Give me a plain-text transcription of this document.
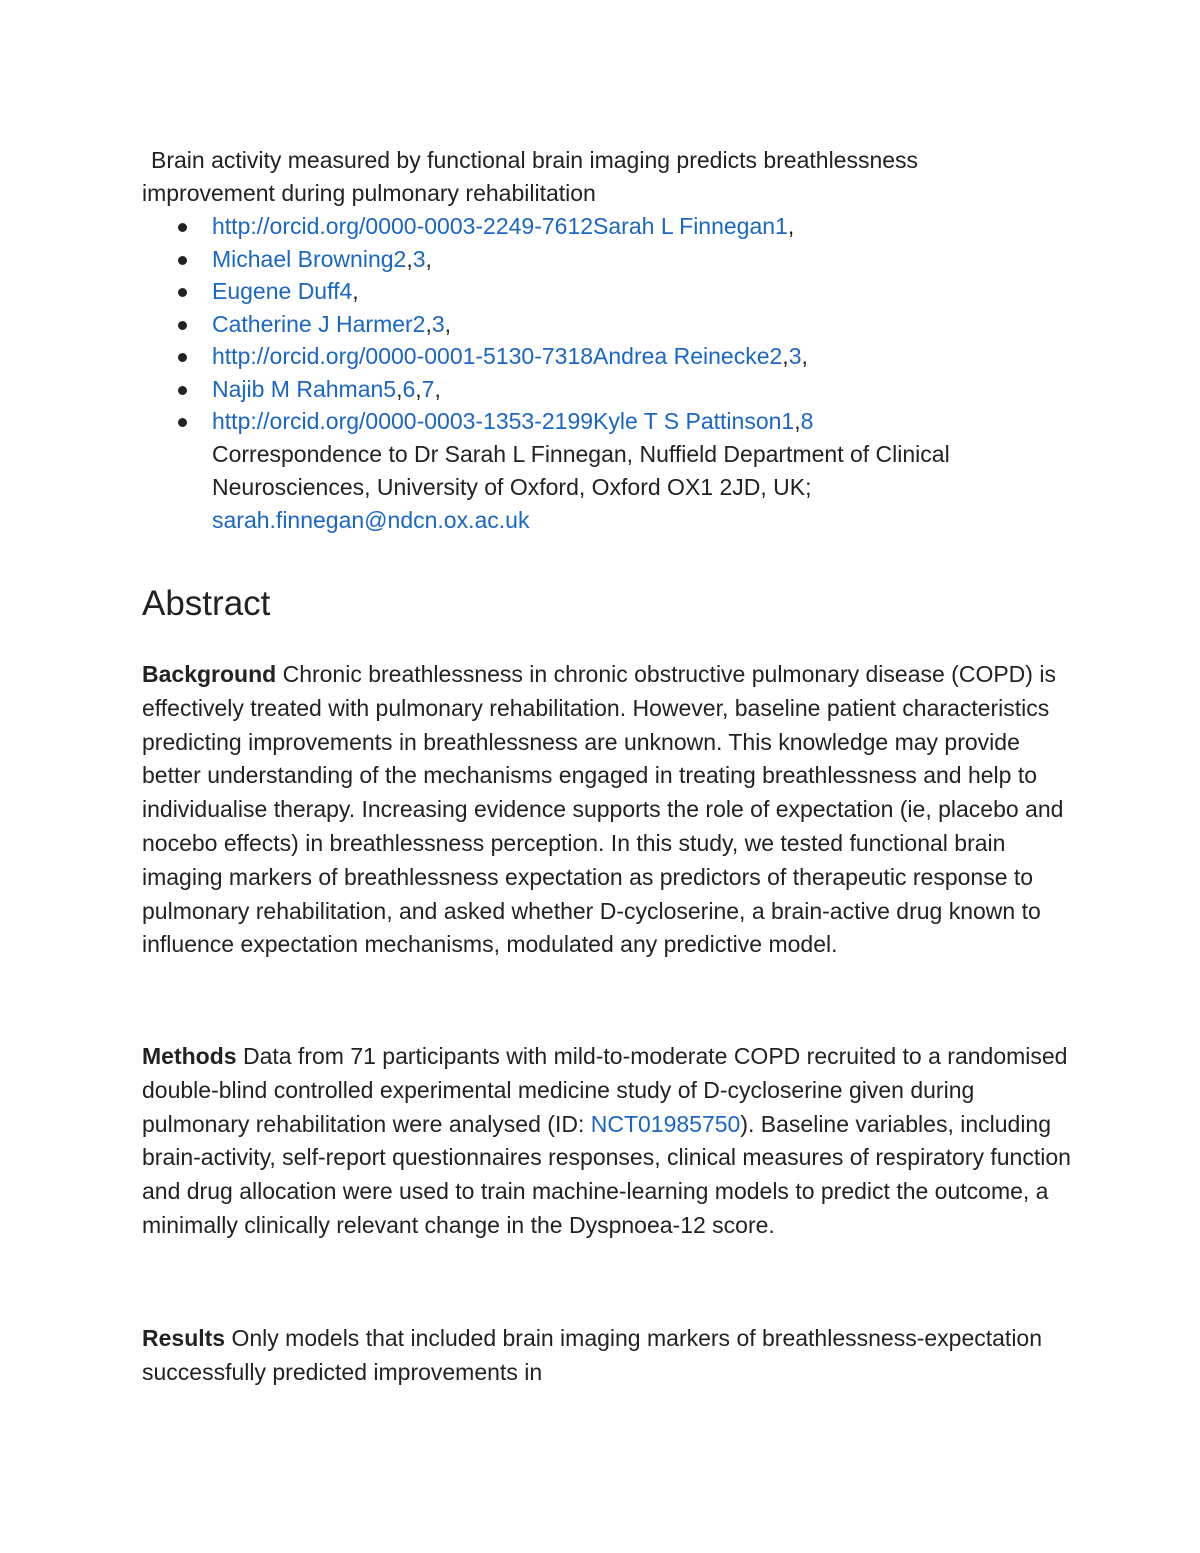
Brain activity measured by functional brain imaging predicts breathlessness
improvement during pulmonary rehabilitation

http://orcid.org/0000-0003-2249-7612Sarah L Finnegan1,
Michael Browning2,3,
Eugene Duff4,
Catherine J Harmer2,3,
http://orcid.org/0000-0001-5130-7318Andrea Reinecke2,3,
Najib M Rahman5,6,7,
http://orcid.org/0000-0003-1353-2199Kyle T S Pattinson1,8
Correspondence to Dr Sarah L Finnegan, Nuffield Department of Clinical
Neurosciences, University of Oxford, Oxford OX1 2JD, UK;
sarah.finnegan@ndcn.ox.ac.uk
Abstract

Background Chronic breathlessness in chronic obstructive pulmonary disease (COPD) is effectively treated with pulmonary rehabilitation. However, baseline patient characteristics predicting improvements in breathlessness are unknown. This knowledge may provide better understanding of the mechanisms engaged in treating breathlessness and help to individualise therapy. Increasing evidence supports the role of expectation (ie, placebo and nocebo effects) in breathlessness perception. In this study, we tested functional brain imaging markers of breathlessness expectation as predictors of therapeutic response to pulmonary rehabilitation, and asked whether D-cycloserine, a brain-active drug known to influence expectation mechanisms, modulated any predictive model.

Methods Data from 71 participants with mild-to-moderate COPD recruited to a randomised double-blind controlled experimental medicine study of D-cycloserine given during pulmonary rehabilitation were analysed (ID: NCT01985750). Baseline variables, including brain-activity, self-report questionnaires responses, clinical measures of respiratory function and drug allocation were used to train machine-learning models to predict the outcome, a minimally clinically relevant change in the Dyspnoea-12 score.

Results Only models that included brain imaging markers of breathlessness-expectation successfully predicted improvements in
